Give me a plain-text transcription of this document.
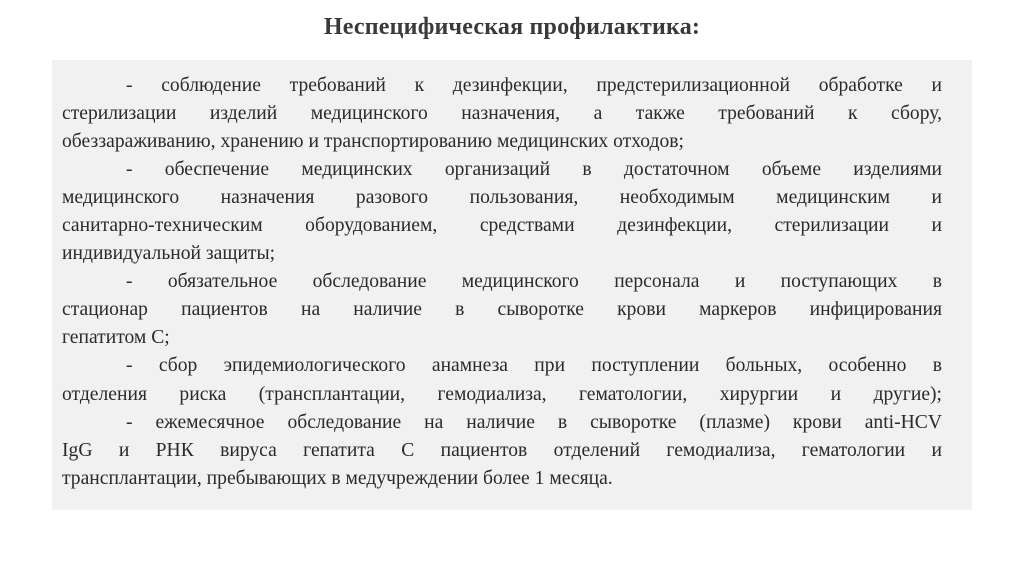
Неспецифическая профилактика:
- соблюдение требований к дезинфекции, предстерилизационной обработке и
стерилизации изделий медицинского назначения, а также требований к сбору,
обеззараживанию, хранению и транспортированию медицинских отходов;
- обеспечение медицинских организаций в достаточном объеме изделиями
медицинского назначения разового пользования, необходимым медицинским и
санитарно-техническим оборудованием, средствами дезинфекции, стерилизации и
индивидуальной защиты;
- обязательное обследование медицинского персонала и поступающих в
стационар пациентов на наличие в сыворотке крови маркеров инфицирования
гепатитом С;
- сбор эпидемиологического анамнеза при поступлении больных, особенно в
отделения риска (трансплантации, гемодиализа, гематологии, хирургии и другие);
- ежемесячное обследование на наличие в сыворотке (плазме) крови anti-HCV
IgG и РНК вируса гепатита С пациентов отделений гемодиализа, гематологии и
трансплантации, пребывающих в медучреждении более 1 месяца.
